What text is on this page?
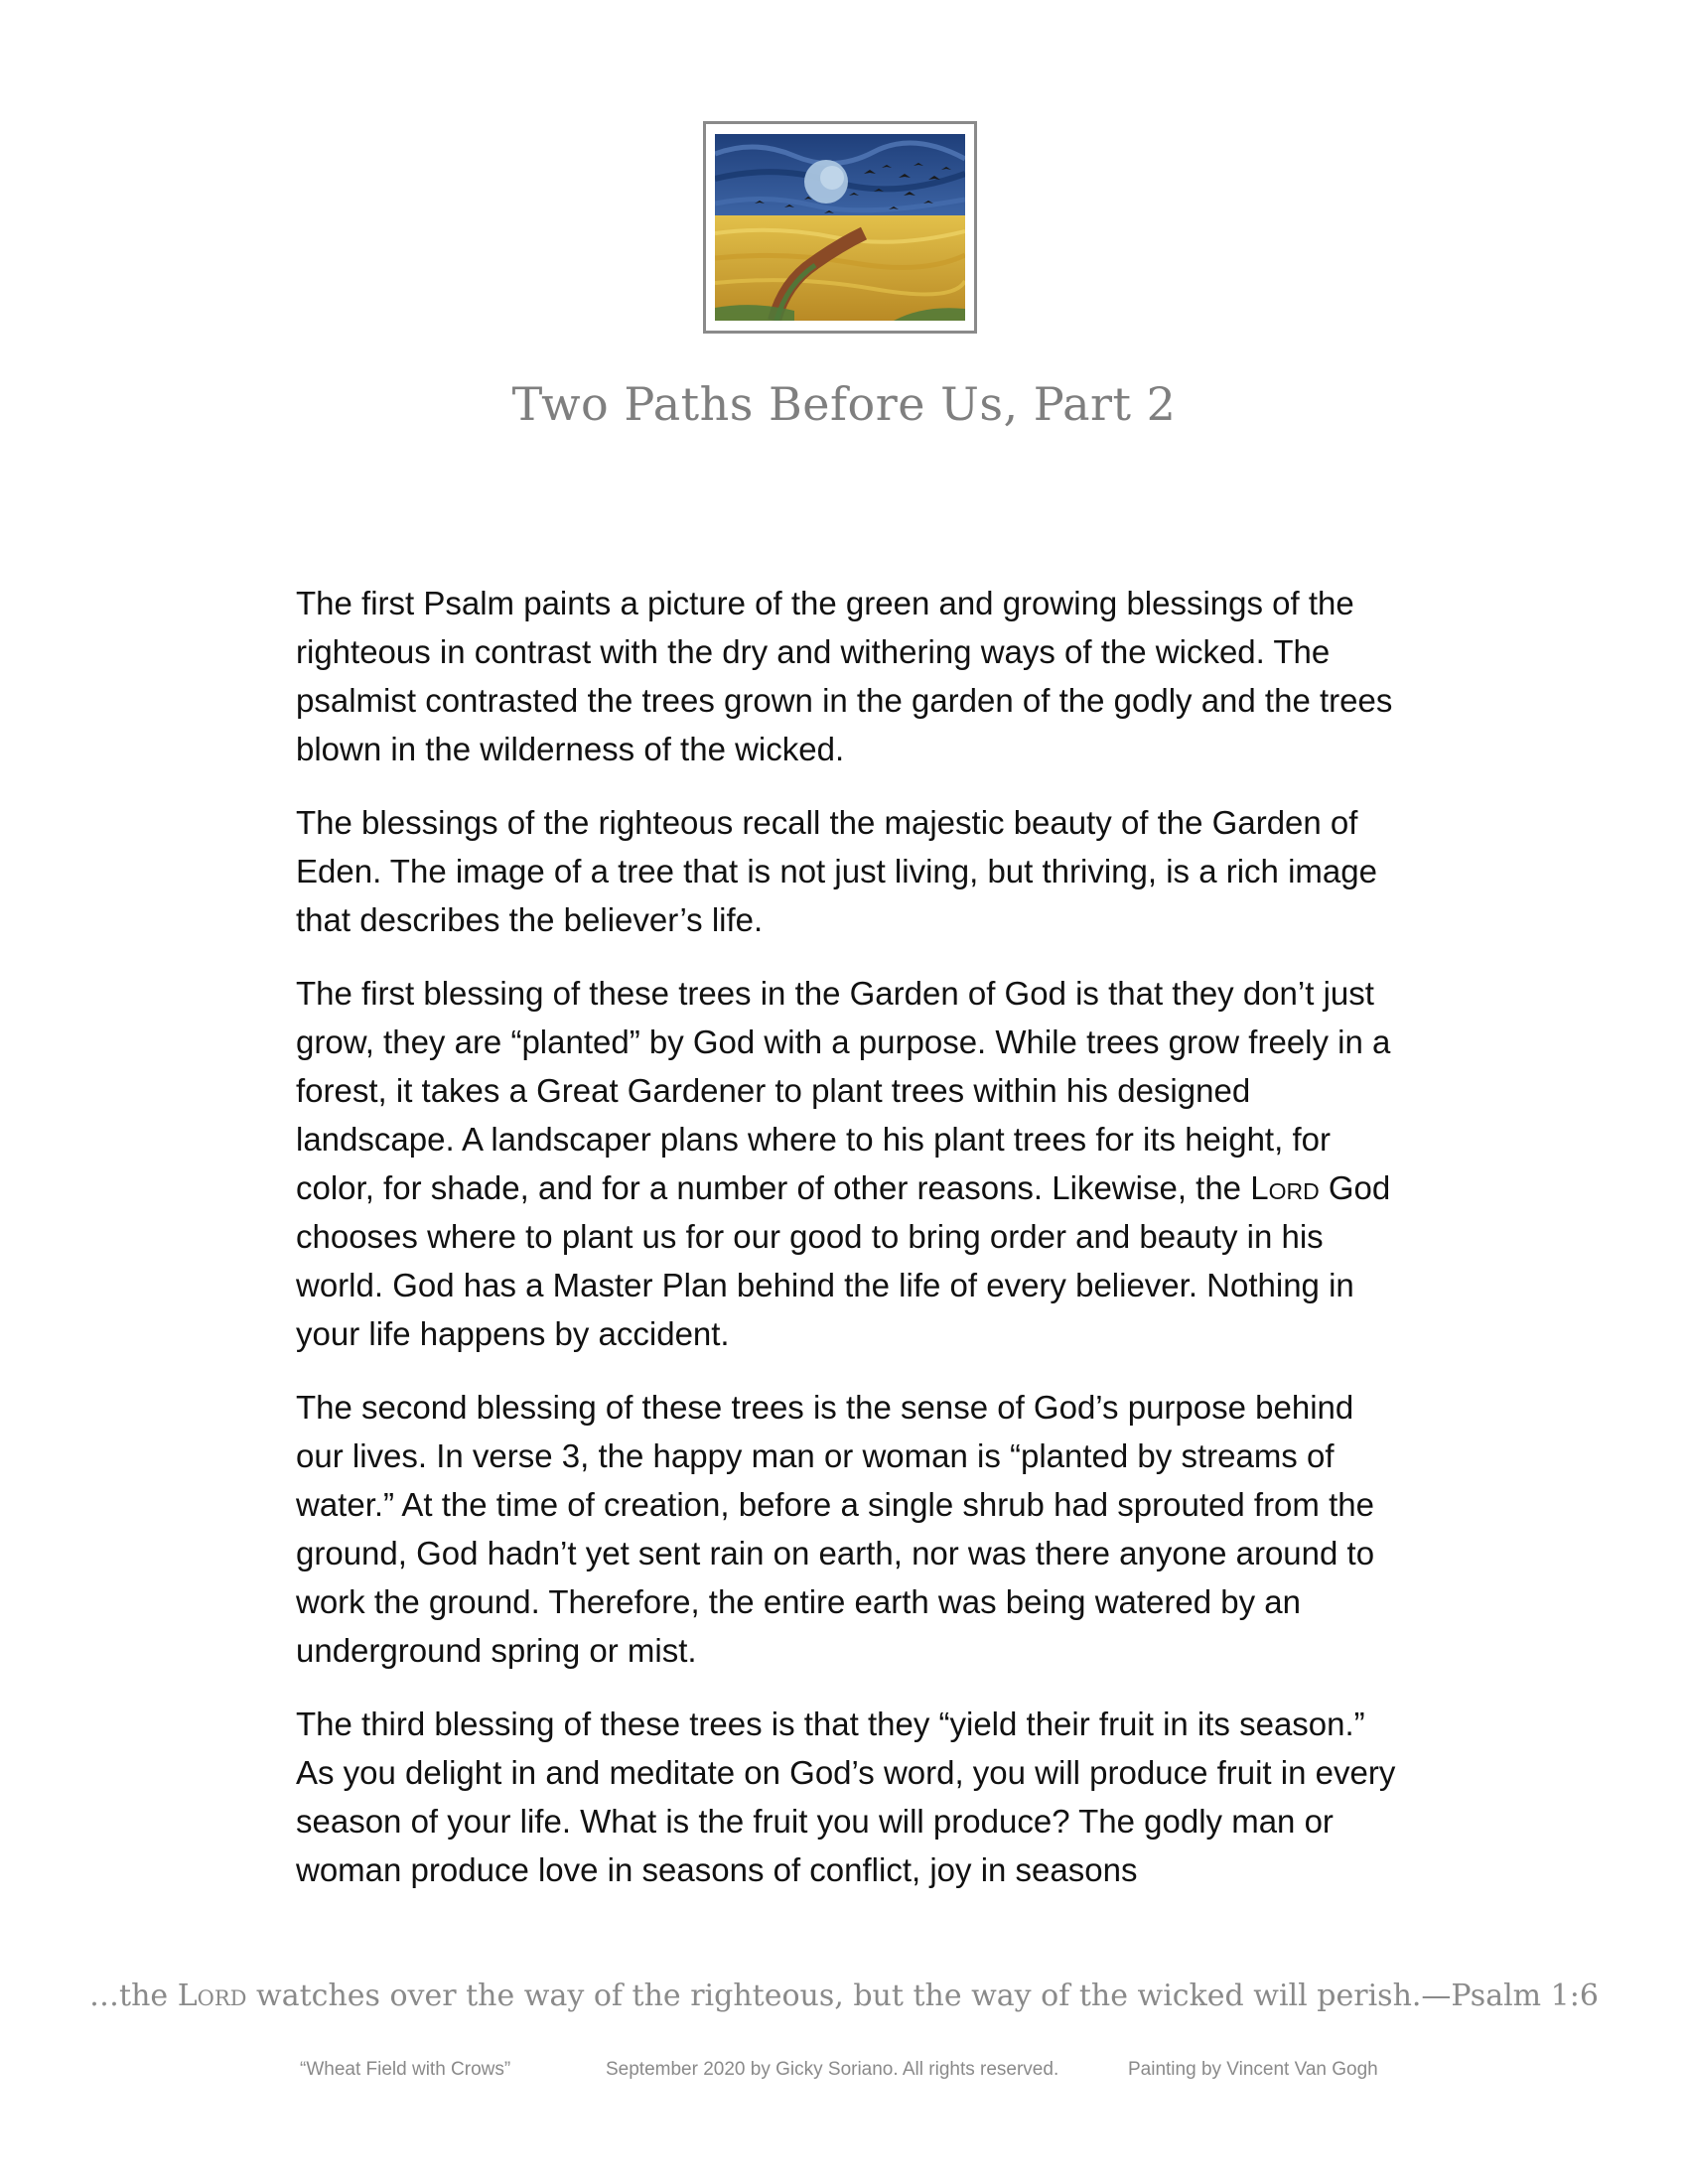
Two Paths Before Us, Part 2

The first Psalm paints a picture of the green and growing blessings of the righteous in contrast with the dry and withering ways of the wicked. The psalmist contrasted the trees grown in the garden of the godly and the trees blown in the wilderness of the wicked.

The blessings of the righteous recall the majestic beauty of the Garden of Eden. The image of a tree that is not just living, but thriving, is a rich image that describes the believer’s life.

The first blessing of these trees in the Garden of God is that they don’t just grow, they are “planted” by God with a purpose. While trees grow freely in a forest, it takes a Great Gardener to plant trees within his designed landscape. A landscaper plans where to his plant trees for its height, for color, for shade, and for a number of other reasons. Likewise, the Lord God chooses where to plant us for our good to bring order and beauty in his world. God has a Master Plan behind the life of every believer. Nothing in your life happens by accident.

The second blessing of these trees is the sense of God’s purpose behind our lives. In verse 3, the happy man or woman is “planted by streams of water.” At the time of creation, before a single shrub had sprouted from the ground, God hadn’t yet sent rain on earth, nor was there anyone around to work the ground. Therefore, the entire earth was being watered by an underground spring or mist.

The third blessing of these trees is that they “yield their fruit in its season.” As you delight in and meditate on God’s word, you will produce fruit in every season of your life. What is the fruit you will produce? The godly man or woman produce love in seasons of conflict, joy in seasons

…the Lord watches over the way of the righteous, but the way of the wicked will perish.—Psalm 1:6
“Wheat Field with Crows”	September 2020 by Gicky Soriano. All rights reserved.	Painting by Vincent Van Gogh
